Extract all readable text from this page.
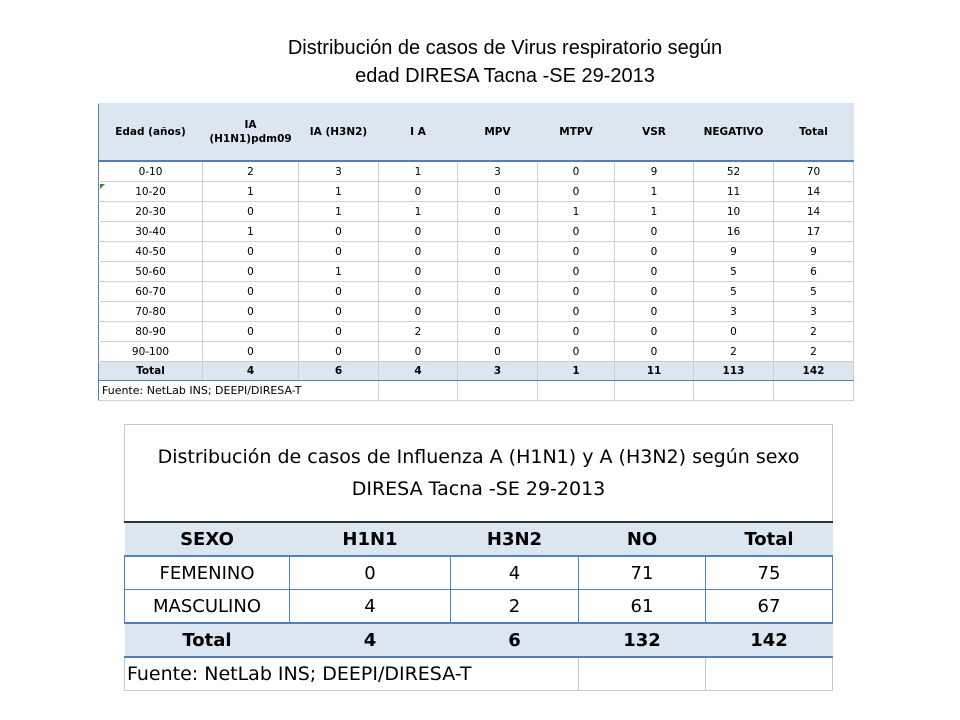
Distribución de casos de Virus respiratorio según
edad DIRESA Tacna -SE 29-2013
Edad (años)	IA (H1N1)pdm09	IA (H3N2)	I A	MPV	MTPV	VSR	NEGATIVO	Total
0-10	2	3	1	3	0	9	52	70
10-20	1	1	0	0	0	1	11	14
20-30	0	1	1	0	1	1	10	14
30-40	1	0	0	0	0	0	16	17
40-50	0	0	0	0	0	0	9	9
50-60	0	1	0	0	0	0	5	6
60-70	0	0	0	0	0	0	5	5
70-80	0	0	0	0	0	0	3	3
80-90	0	0	2	0	0	0	0	2
90-100	0	0	0	0	0	0	2	2
Total	4	6	4	3	1	11	113	142
Fuente: NetLab INS; DEEPI/DIRESA-T								
Distribución de casos de Influenza A (H1N1) y A (H3N2) según sexo
DIRESA Tacna -SE 29-2013				

SEXO	H1N1	H3N2	NO	Total
FEMENINO	0	4	71	75
MASCULINO	4	2	61	67
Total	4	6	132	142
Fuente: NetLab INS; DEEPI/DIRESA-T				
